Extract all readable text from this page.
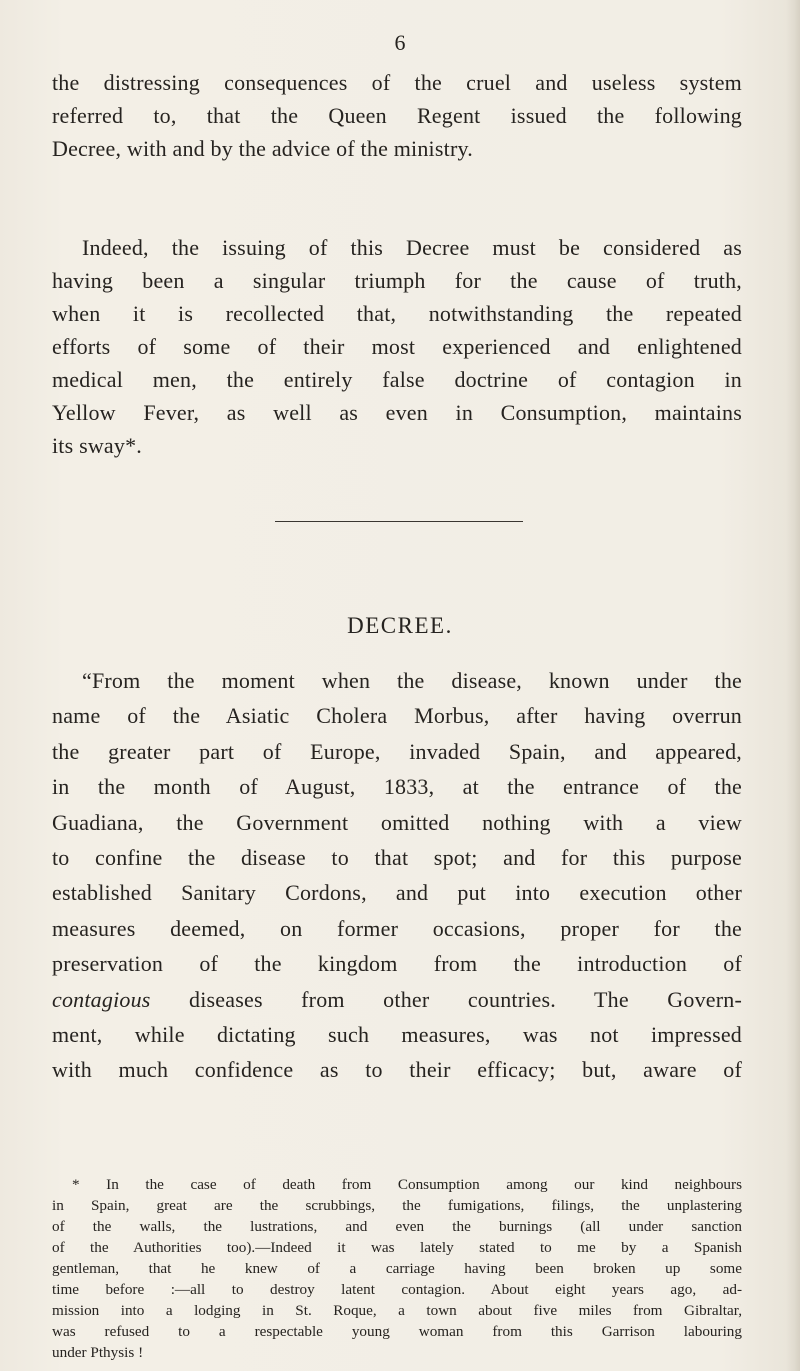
6
the distressing consequences of the cruel and useless system
referred to, that the Queen Regent issued the following
Decree, with and by the advice of the ministry.
Indeed, the issuing of this Decree must be considered as
having been a singular triumph for the cause of truth,
when it is recollected that, notwithstanding the repeated
efforts of some of their most experienced and enlightened
medical men, the entirely false doctrine of contagion in
Yellow Fever, as well as even in Consumption, maintains
its sway*.
DECREE.
“From the moment when the disease, known under the
name of the Asiatic Cholera Morbus, after having overrun
the greater part of Europe, invaded Spain, and appeared,
in the month of August, 1833, at the entrance of the
Guadiana, the Government omitted nothing with a view
to confine the disease to that spot; and for this purpose
established Sanitary Cordons, and put into execution other
measures deemed, on former occasions, proper for the
preservation of the kingdom from the introduction of
contagious diseases from other countries. The Govern-
ment, while dictating such measures, was not impressed
with much confidence as to their efficacy; but, aware of
* In the case of death from Consumption among our kind neighbours
in Spain, great are the scrubbings, the fumigations, filings, the unplastering
of the walls, the lustrations, and even the burnings (all under sanction
of the Authorities too).—Indeed it was lately stated to me by a Spanish
gentleman, that he knew of a carriage having been broken up some
time before :—all to destroy latent contagion. About eight years ago, ad-
mission into a lodging in St. Roque, a town about five miles from Gibraltar,
was refused to a respectable young woman from this Garrison labouring
under Pthysis !
